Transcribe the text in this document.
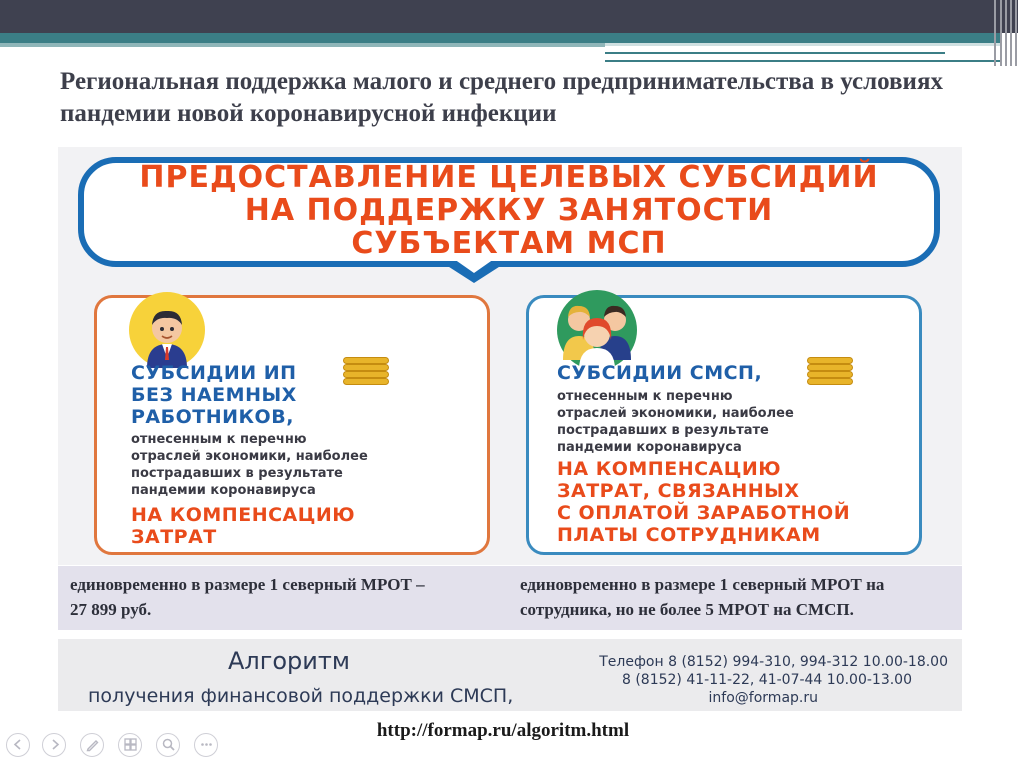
Региональная поддержка малого и среднего предпринимательства в условиях пандемии новой коронавирусной инфекции
ПРЕДОСТАВЛЕНИЕ ЦЕЛЕВЫХ СУБСИДИЙ
НА ПОДДЕРЖКУ ЗАНЯТОСТИ
СУБЪЕКТАМ МСП
СУБСИДИИ ИП
БЕЗ НАЕМНЫХ
РАБОТНИКОВ,
отнесенным к перечню
отраслей экономики, наиболее
пострадавших в результате
пандемии коронавируса
НА КОМПЕНСАЦИЮ
ЗАТРАТ
СУБСИДИИ СМСП,
отнесенным к перечню
отраслей экономики, наиболее
пострадавших в результате
пандемии коронавируса
НА КОМПЕНСАЦИЮ
ЗАТРАТ, СВЯЗАННЫХ
С ОПЛАТОЙ ЗАРАБОТНОЙ
ПЛАТЫ СОТРУДНИКАМ
единовременно в размере 1 северный МРОТ –
27 899 руб.
единовременно в размере 1 северный МРОТ на
сотрудника, но не более 5 МРОТ на СМСП.
Алгоритм
получения финансовой поддержки СМСП,
Телефон 8 (8152) 994-310, 994-312 10.00-18.00
8 (8152) 41-11-22, 41-07-44 10.00-13.00
info@formap.ru
http://formap.ru/algoritm.html
